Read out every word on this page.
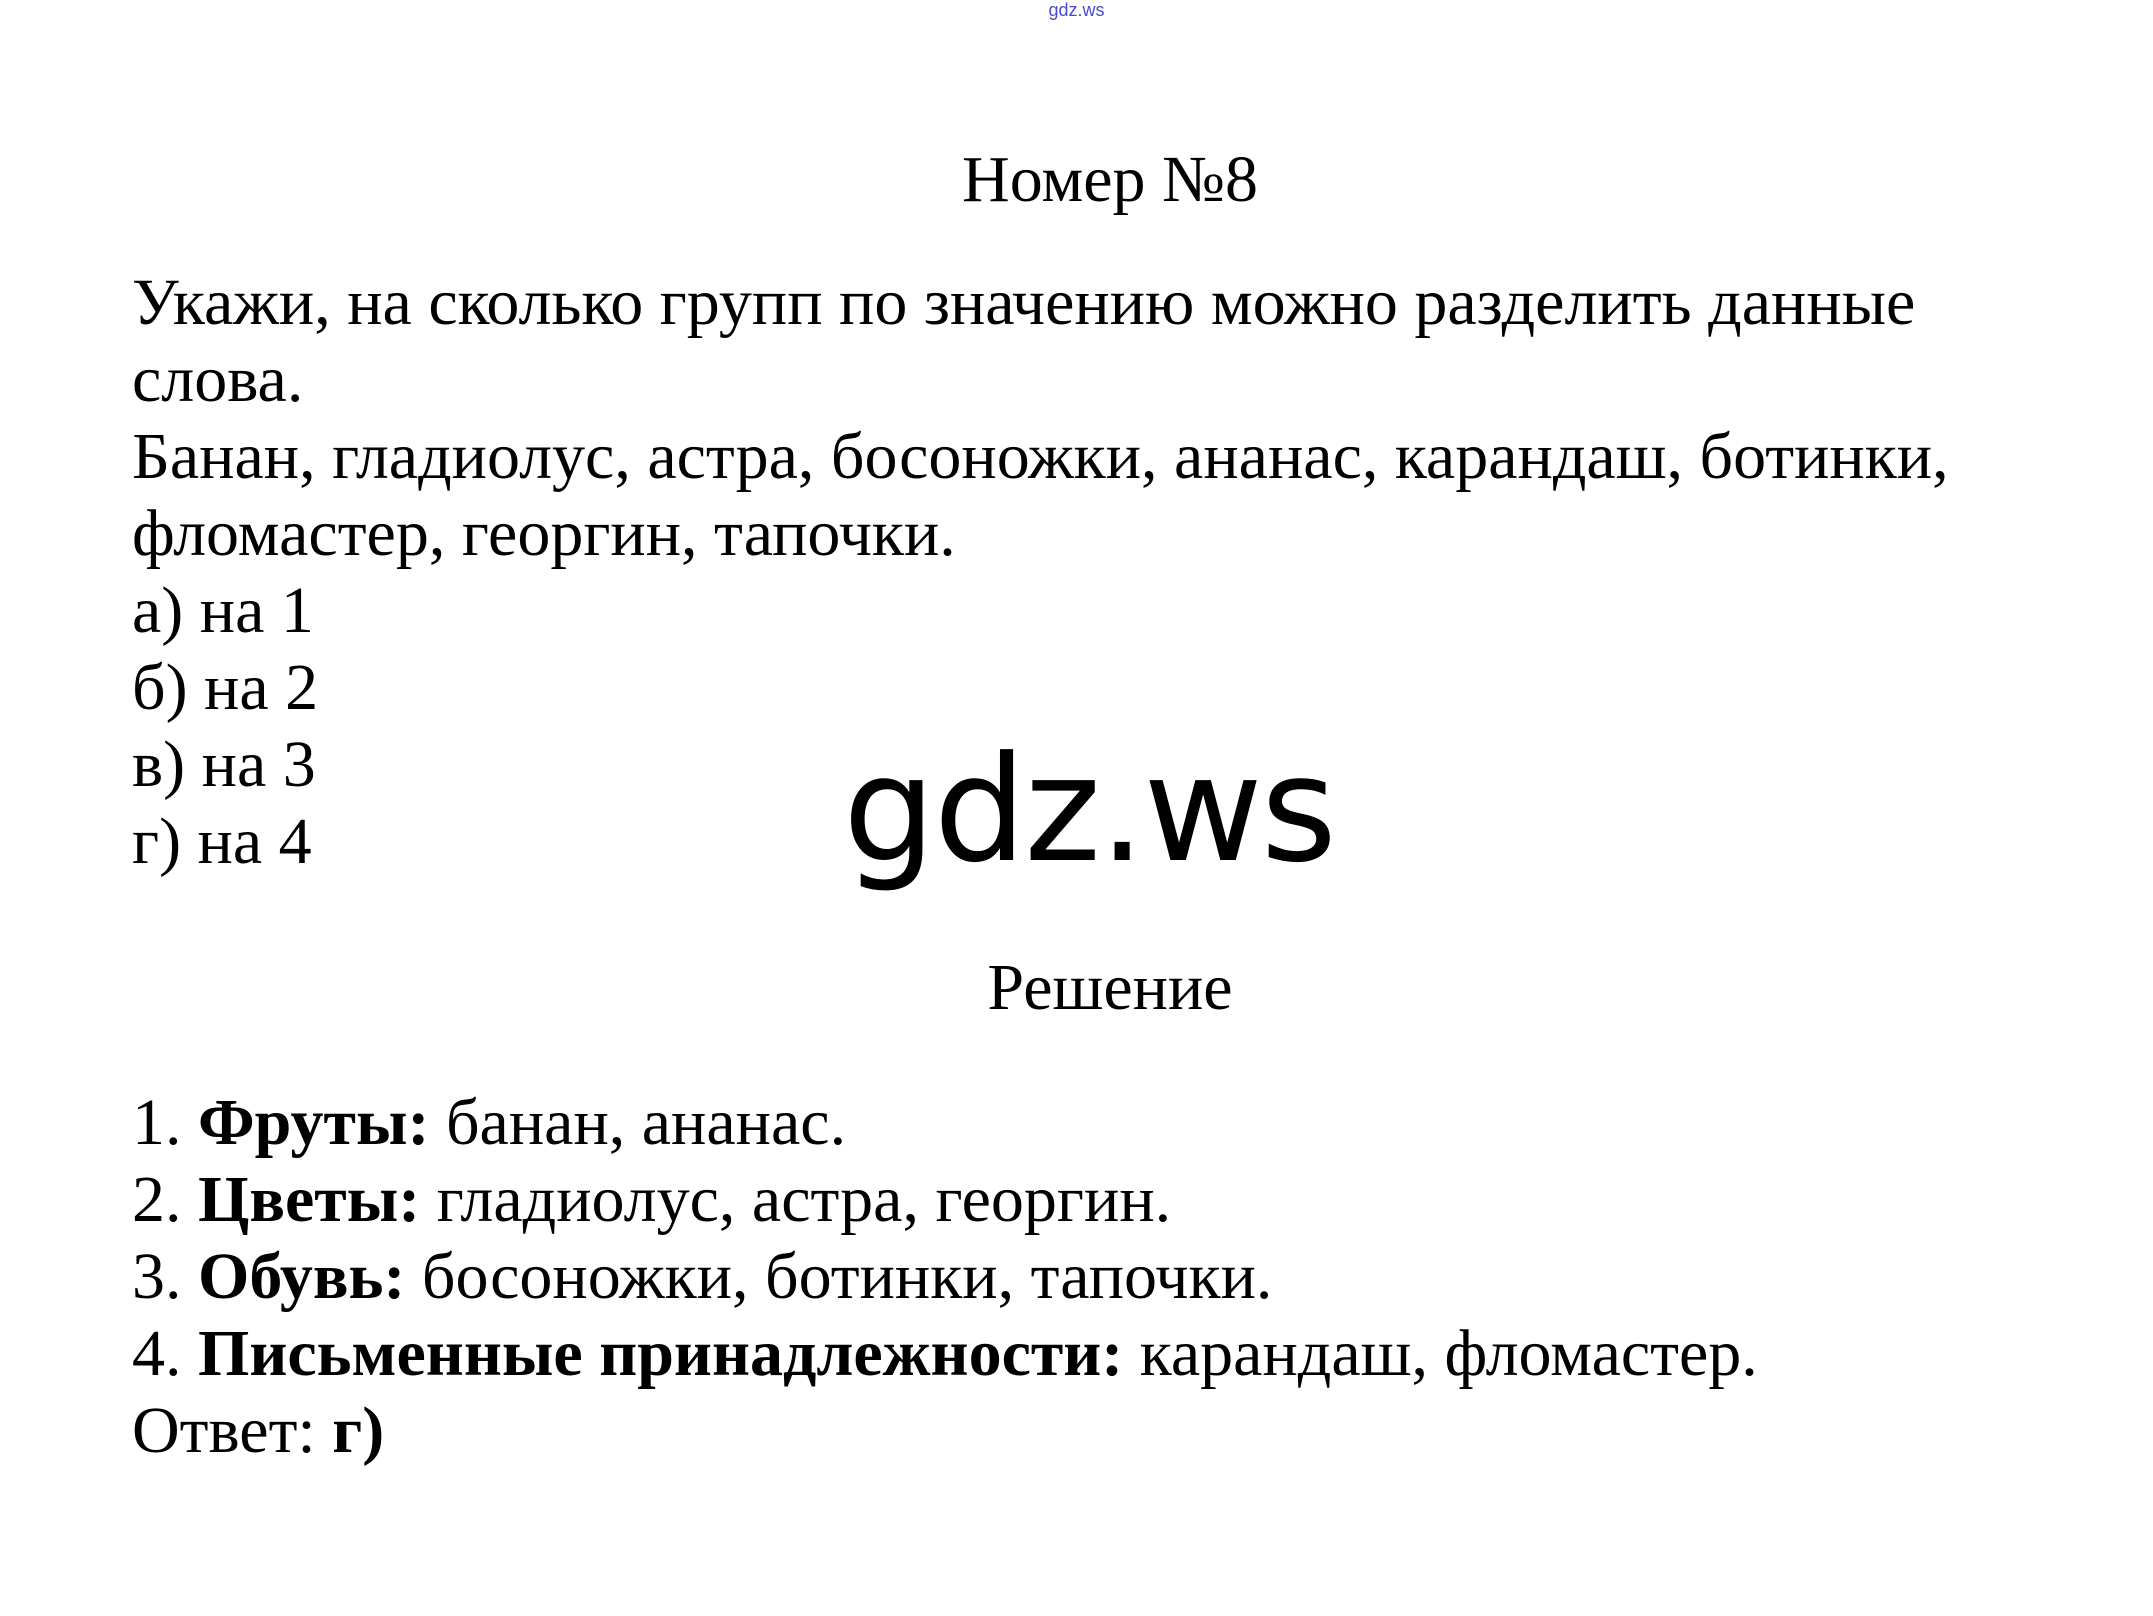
gdz.ws
Номер №8

Укажи, на сколько групп по значению можно разделить данные

слова.

Банан, гладиолус, астра, босоножки, ананас, карандаш, ботинки,

фломастер, георгин, тапочки.

а) на 1

б) на 2

в) на 3

г) на 4	gdz.ws
Решение

1. Фруты: банан, ананас.

2. Цветы: гладиолус, астра, георгин.

3. Обувь: босоножки, ботинки, тапочки.

4. Письменные принадлежности: карандаш, фломастер.

Ответ: г)
